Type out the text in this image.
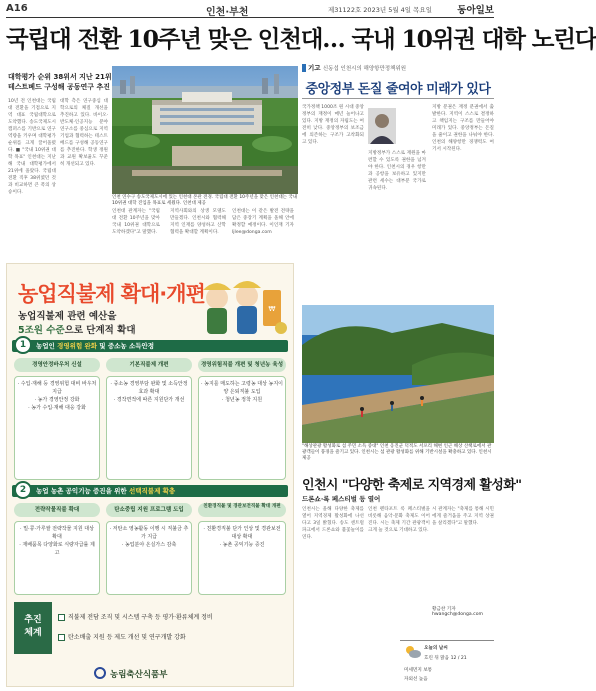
A16	인천·부천	제31122호 2023년 5월 4일 목요일	동아일보
국립대 전환 10주년 맞은 인천대… 국내 10위권 대학 노린다
대학평가 순위 38위서 지난 21위
테스트베드 구성해 공동연구 추진
10년 전 인천대는 국립대 전환을 기점으로 지역 대표 국립대학으로 도약했다. 송도국제도시 캠퍼스를 기반으로 연구 역량을 키우며 대학평가 순위를 크게 끌어올렸다. ■ "국내 10위권 대학 목표" 인천대는 지난해 국내 대학평가에서 21위에 올랐다. 국립대 전환 직후 38위였던 것과 비교하면 큰 폭의 상승이다.
대학 측은 연구중심 대학으로의 체질 개선을 추진하고 있다. 바이오·반도체·인공지능 분야 연구소를 중심으로 지역 기업과 협력하는 테스트베드를 구성해 공동연구를 추진한다. 학생 정원과 교원 확보율도 꾸준히 개선되고 있다.
인천 연수구 송도국제도시에 있는 인천대 본관 전경. 국립대 전환 10주년을 맞은 인천대는 국내 10위권 대학 진입을 목표로 세웠다. 인천대 제공
인천대 관계자는 "국립대 전환 10주년을 맞아 국내 10위권 대학으로 도약하겠다"고 말했다.
지역사회와의 상생 모델도 만들겠다. 인천시와 협력해 지역 인재를 양성하고 산학협력을 확대할 계획이다.
인천대는 이 같은 발전 전략을 담은 중장기 계획을 올해 안에 확정할 예정이다. 이인재 기자 ljlee@donga.com
기고 신동섭 인천시의 해양항만정책위원
중앙정부 돈질 줄여야 미래가 있다
국가정책 1000조 원 시대 중앙정부의 재정이 매년 늘어나고 있다. 지방 재정의 자립도는 여전히 낮다. 중앙정부의 보조금에 의존하는 구조가 고착화되고 있다.
지방정부가 스스로 재원을 마련할 수 있도록 권한을 넘겨야 한다. 인천시의 경우 항만과 공항을 보유하고 있지만 관련 세수는 대부분 국가로 귀속된다.
지방 분권은 재정 분권에서 출발한다. 지역이 스스로 결정하고 책임지는 구조를 만들어야 미래가 있다. 중앙정부는 돈질을 줄이고 권한을 나눠야 한다. 인천의 해양항만 경쟁력도 여기서 시작된다.
₩
농업직불제 확대·개편
농업직불제 관련 예산을
5조원 수준으로 단계적 확대
1	농업인 경영위험 완화 및 중소농 소득안정
경영안정바우처 신설	기본직불제 개편	경영위험직불 개편 및 청년농 육성
· 수입·재해 등 경영위험 대비 바우처 지급
· 농가 경영안정 강화
· 농가 수입·재해 대응 강화
· 중소농 경영부담 완화 및 소득안정 효과 확대
· 경작면적에 따른 지원단가 개선
· 농지를 매도하는 고령농 대상 농지이양 은퇴직불 도입
· 청년농 정착 지원
2	농업 농촌 공익기능 증진을 위한 선택직불제 확충
전략작물직불 확대	탄소중립 지원 프로그램 도입
친환경직불 및 경관보전직불 확대 개편
· 밀·콩·가루쌀 전략작물 지원 대상 확대
· 재배품목 다양화로 식량자급률 제고
· 저탄소 영농활동 이행 시 직불금 추가 지급
· 농업분야 온실가스 감축
· 친환경직불 단가 인상 및 경관보전 대상 확대
· 농촌 공익기능 증진
추진
체계
직불제 전담 조직 및 시스템 구축 등 평가·환류체계 정비
탄소배출 지원 등 제도 개선 및 연구개발 강화
농림축산식품부
"해상관광 활성화로 섬 주민 소득 증대" 인천 옹진군 덕적도 서포리 해변 인근 해상 산책로에서 관광객들이 풍경을 즐기고 있다. 인천시는 섬 관광 활성화를 위해 기반시설을 확충하고 있다. 인천시 제공
인천시 "다양한 축제로 지역경제 활성화"
드론쇼·록 페스티벌 등 열어
인천시는 올해 다양한 축제를 열어 지역경제 활성화에 나선다고 3일 밝혔다. 송도 센트럴파크에서 드론쇼와 불꽃놀이를 연다.
인천 펜타포트 록 페스티벌을 비롯해 음악·문화 축제도 이어진다. 시는 축제 기간 관광객이 크게 늘 것으로 기대하고 있다.
시 관계자는 "축제를 통해 시민에게 즐거움을 주고 지역 상권을 살리겠다"고 말했다.
황금찬 기자 hwangch@donga.com
오늘의 날씨
흐린 뒤 맑음 12 / 21
미세먼지 보통
자외선 높음
